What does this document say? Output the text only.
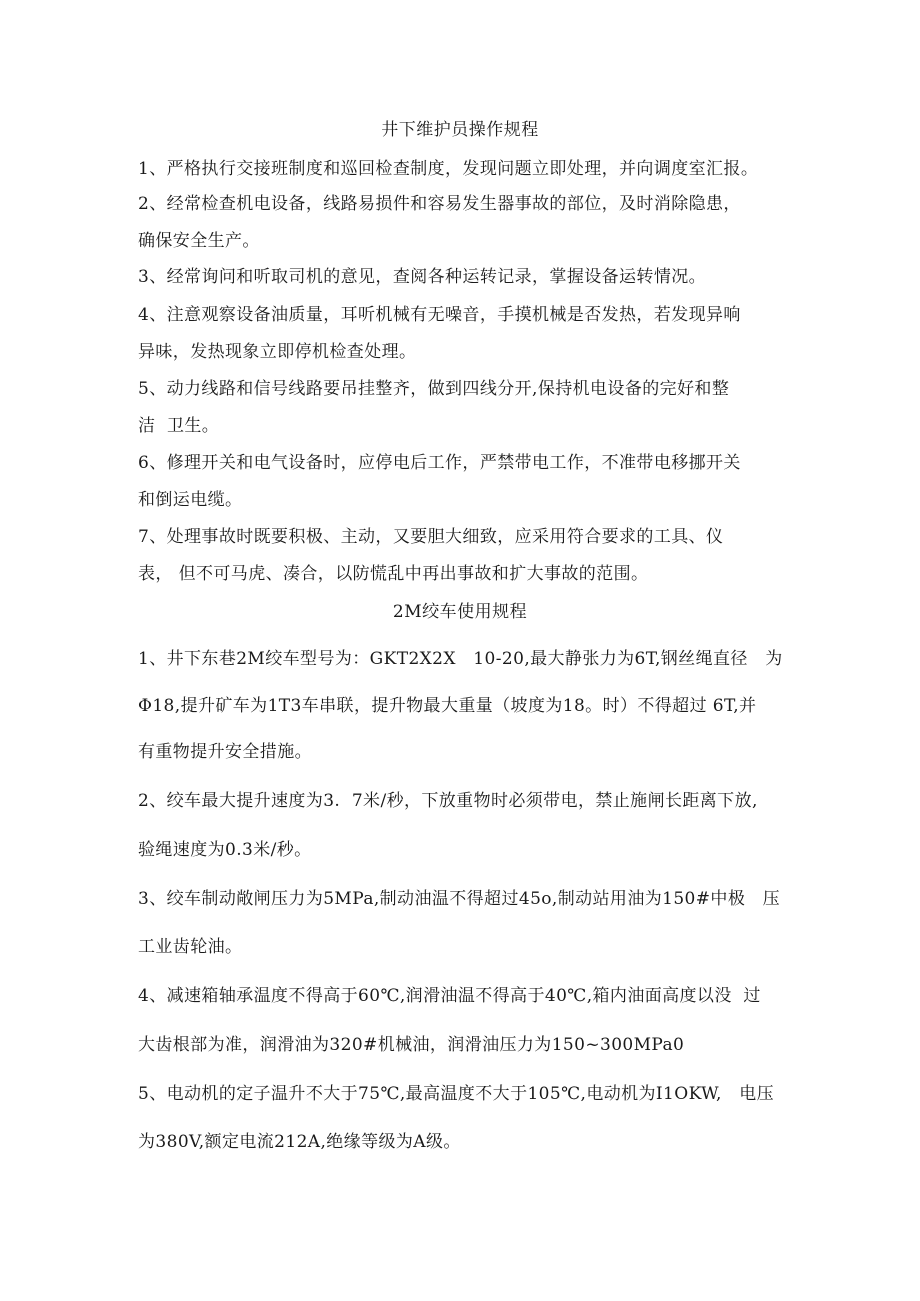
井下维护员操作规程
1、严格执行交接班制度和巡回检查制度，发现问题立即处理，并向调度室汇报。
2、经常检查机电设备，线路易损件和容易发生器事故的部位，及时消除隐患，
确保安全生产。
3、经常询问和听取司机的意见，查阅各种运转记录，掌握设备运转情况。
4、注意观察设备油质量，耳听机械有无噪音，手摸机械是否发热，若发现异响
异味，发热现象立即停机检查处理。
5、动力线路和信号线路要吊挂整齐，做到四线分开,保持机电设备的完好和整
洁  卫生。
6、修理开关和电气设备时，应停电后工作，严禁带电工作，不准带电移挪开关
和倒运电缆。
7、处理事故时既要积极、主动，又要胆大细致，应采用符合要求的工具、仪
表， 但不可马虎、凑合，以防慌乱中再出事故和扩大事故的范围。
2M绞车使用规程
1、井下东巷2M绞车型号为：GKT2X2X   10-20,最大静张力为6T,钢丝绳直径   为
Φ18,提升矿车为1T3车串联，提升物最大重量（坡度为18。时）不得超过 6T,并
有重物提升安全措施。
2、绞车最大提升速度为3.  7米/秒，下放重物时必须带电，禁止施闸长距离下放,
验绳速度为0.3米/秒。
3、绞车制动敞闸压力为5MPa,制动油温不得超过45o,制动站用油为150#中极   压
工业齿轮油。
4、减速箱轴承温度不得高于60℃,润滑油温不得高于40℃,箱内油面高度以没  过
大齿根部为准，润滑油为320#机械油，润滑油压力为150~300MPa0
5、电动机的定子温升不大于75℃,最高温度不大于105℃,电动机为I1OKW,   电压
为380V,额定电流212A,绝缘等级为A级。
